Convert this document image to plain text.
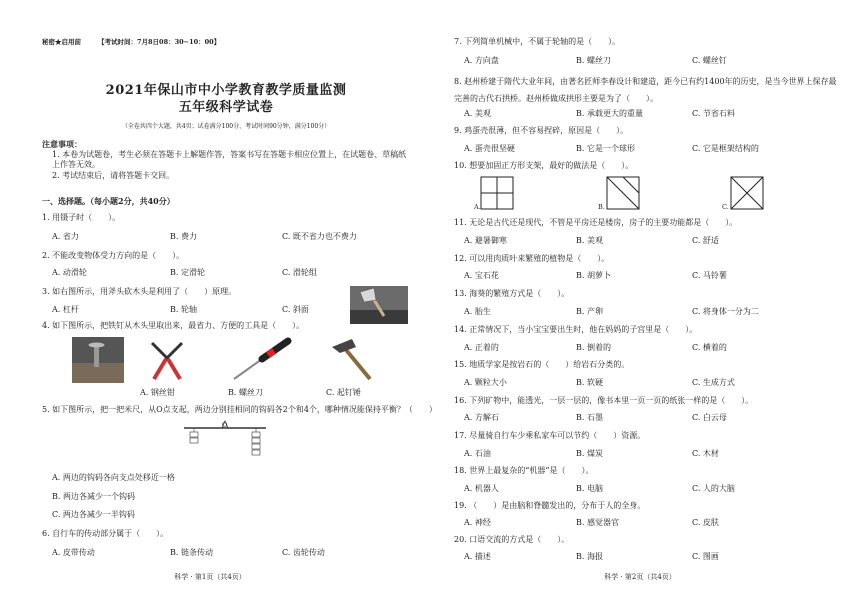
秘密★启用前	【考试时间：7月8日08：30−10：00】
2021年保山市中小学教育教学质量监测
五年级科学试卷
（全卷共四个大题，共4页；试卷满分100分，考试时间90分钟，满分100分）
注意事项：
1. 本卷为试题卷，考生必须在答题卡上解题作答，答案书写在答题卡相应位置上，在试题卷、草稿纸上作答无效。
2. 考试结束后，请将答题卡交回。
一、选择题。（每小题2分，共40分）
1. 用镊子时（　　）。
A. 省力	B. 费力	C. 既不省力也不费力
2. 不能改变物体受力方向的是（　　）。
A. 动滑轮	B. 定滑轮	C. 滑轮组
3. 如右图所示，用斧头砍木头是利用了（　　）原理。
A. 杠杆	B. 轮轴	C. 斜面
4. 如下图所示，把铁钉从木头里取出来，最省力、方便的工具是（　　）。
A. 钢丝钳	B. 螺丝刀	C. 起钉锤
5. 如下图所示，把一把米尺，从O点支起，两边分别挂相同的钩码各2个和4个，哪种情况能保持平衡？（　　）
O
A. 两边的钩码各向支点处移近一格
B. 两边各减少一个钩码
C. 两边各减少一半钩码
6. 自行车的传动部分属于（　　）。
A. 皮带传动	B. 链条传动	C. 齿轮传动
科学 · 第1页（共4页）
7. 下列简单机械中，不属于轮轴的是（　　）。
A. 方向盘	B. 螺丝刀	C. 螺丝钉
8. 赵州桥建于隋代大业年间，由著名匠师李春设计和建造，距今已有约1400年的历史，是当今世界上保存最完善的古代石拱桥。赵州桥做成拱形主要是为了（　　）。
A. 美观	B. 承载更大的重量	C. 节省石料
9. 鸡蛋壳很薄，但不容易捏碎，原因是（　　）。
A. 蛋壳很坚硬	B. 它是一个球形	C. 它是框架结构的
10. 想要加固正方形支架，最好的做法是（　　）。
A.	B.	C.
11. 无论是古代还是现代，不管是平房还是楼房，房子的主要功能都是（　　）。
A. 避暑御寒	B. 美观	C. 舒适
12. 可以用肉质叶来繁殖的植物是（　　）。
A. 宝石花	B. 胡萝卜	C. 马铃薯
13. 海葵的繁殖方式是（　　）。
A. 胎生	B. 产卵	C. 将身体一分为二
14. 正常情况下，当小宝宝要出生时，他在妈妈的子宫里是（　　）。
A. 正着的	B. 倒着的	C. 横着的
15. 地质学家是按岩石的（　　）给岩石分类的。
A. 颗粒大小	B. 软硬	C. 生成方式
16. 下列矿物中，能透光，一层一层的，像书本里一页一页的纸张一样的是（　　）。
A. 方解石	B. 石墨	C. 白云母
17. 尽量骑自行车少乘私家车可以节约（　　）资源。
A. 石油	B. 煤炭	C. 木材
18. 世界上最复杂的“机器”是（　　）。
A. 机器人	B. 电脑	C. 人的大脑
19. （　　）是由脑和脊髓发出的，分布于人的全身。
A. 神经	B. 感觉器官	C. 皮肤
20. 口语交流的方式是（　　）。
A. 描述	B. 海报	C. 图画
科学 · 第2页（共4页）
